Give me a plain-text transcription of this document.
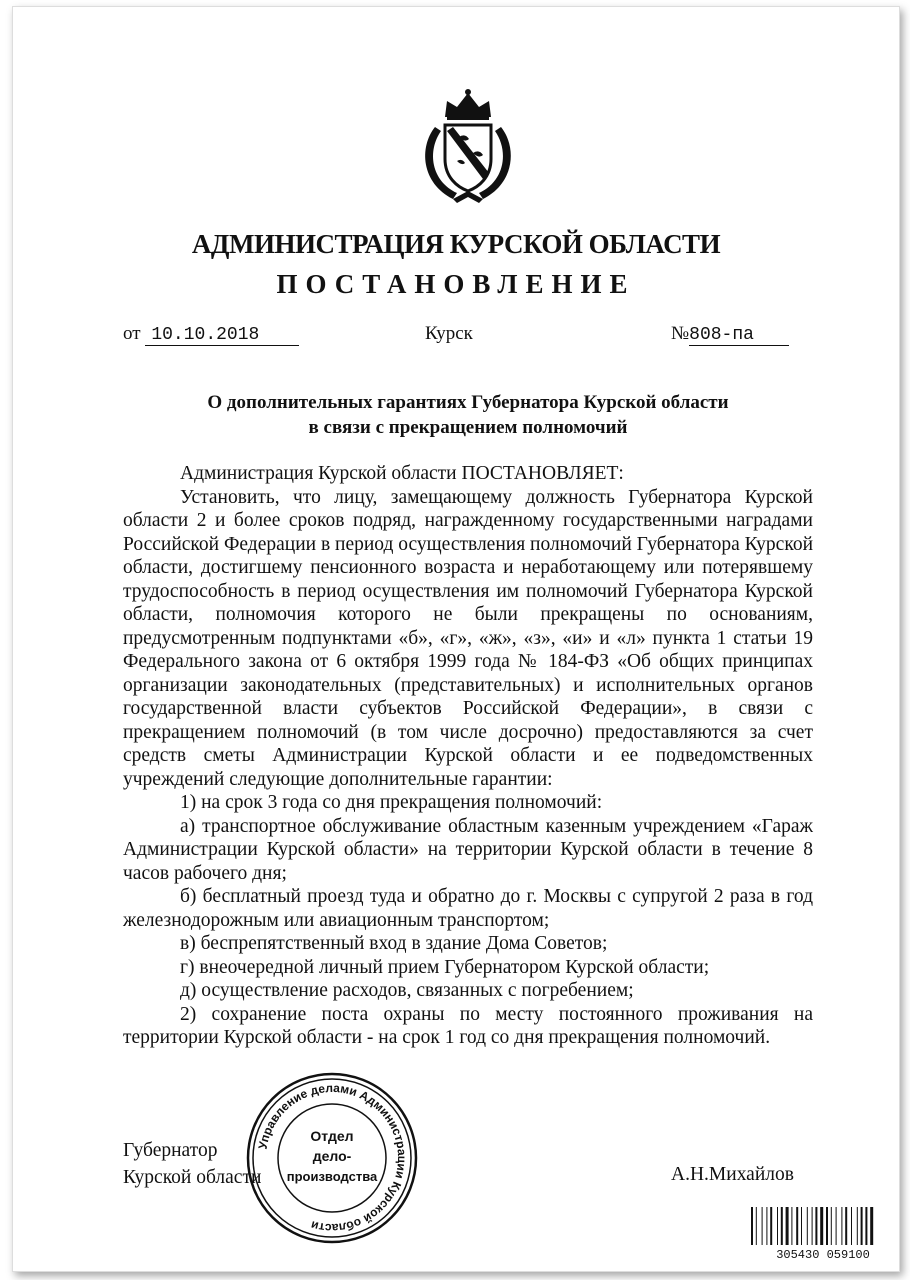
АДМИНИСТРАЦИЯ КУРСКОЙ ОБЛАСТИ
ПОСТАНОВЛЕНИЕ
от 10.10.2018	Курск	№808-па
О дополнительных гарантиях Губернатора Курской области
в связи с прекращением полномочий

Администрация Курской области ПОСТАНОВЛЯЕТ:

Установить, что лицу, замещающему должность Губернатора Курской области 2 и более сроков подряд, награжденному государственными наградами Российской Федерации в период осуществления полномочий Губернатора Курской области, достигшему пенсионного возраста и неработающему или потерявшему трудоспособность в период осуществления им полномочий Губернатора Курской области, полномочия которого не были прекращены по основаниям, предусмотренным подпунктами «б», «г», «ж», «з», «и» и «л» пункта 1 статьи 19 Федерального закона от 6 октября 1999 года № 184-ФЗ «Об общих принципах организации законодательных (представительных) и исполнительных органов государственной власти субъектов Российской Федерации», в связи с прекращением полномочий (в том числе досрочно) предоставляются за счет средств сметы Администрации Курской области и ее подведомственных учреждений следующие дополнительные гарантии:

1) на срок 3 года со дня прекращения полномочий:

а) транспортное обслуживание областным казенным учреждением «Гараж Администрации Курской области» на территории Курской области в течение 8 часов рабочего дня;

б) бесплатный проезд туда и обратно до г. Москвы с супругой 2 раза в год железнодорожным или авиационным транспортом;

в) беспрепятственный вход в здание Дома Советов;

г) внеочередной личный прием Губернатором Курской области;

д) осуществление расходов, связанных с погребением;

2) сохранение поста охраны по месту постоянного проживания на территории Курской области - на срок 1 год со дня прекращения полномочий.

Губернатор
Курской области	А.Н.Михайлов
Управление делами Администрации Курской области
Отдел
дело-
производства
305430 059100
